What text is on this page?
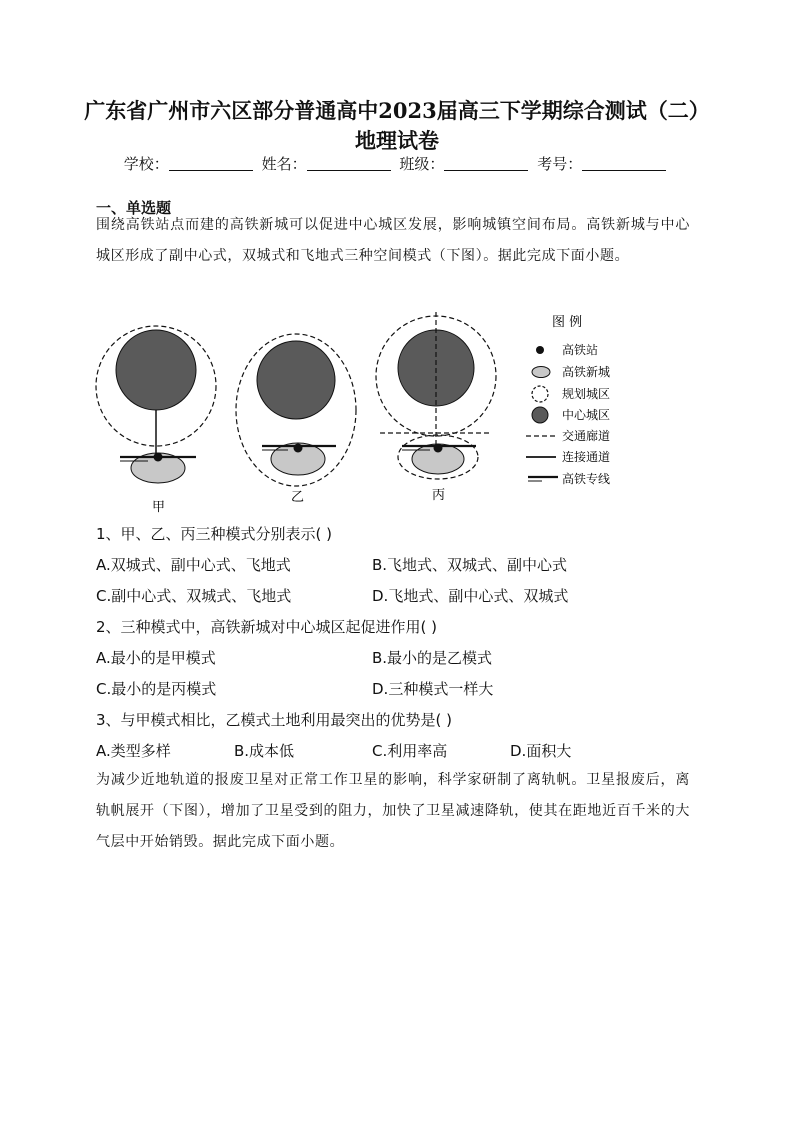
广东省广州市六区部分普通高中2023届高三下学期综合测试（二）
地理试卷
学校：	姓名：	班级：	考号：
一、单选题
围绕高铁站点而建的高铁新城可以促进中心城区发展，影响城镇空间布局。高铁新城与中心城区形成了副中心式，双城式和飞地式三种空间模式（下图）。据此完成下面小题。
甲
乙	丙
图 例
高铁站
高铁新城
规划城区
中心城区
交通廊道
连接通道
高铁专线
1、甲、乙、丙三种模式分别表示( )
A.双城式、副中心式、飞地式	B.飞地式、双城式、副中心式
C.副中心式、双城式、飞地式	D.飞地式、副中心式、双城式
2、三种模式中，高铁新城对中心城区起促进作用( )
A.最小的是甲模式	B.最小的是乙模式
C.最小的是丙模式	D.三种模式一样大
3、与甲模式相比，乙模式土地利用最突出的优势是( )
A.类型多样	B.成本低	C.利用率高	D.面积大
为减少近地轨道的报废卫星对正常工作卫星的影响，科学家研制了离轨帆。卫星报废后，离轨帆展开（下图），增加了卫星受到的阻力，加快了卫星减速降轨，使其在距地近百千米的大气层中开始销毁。据此完成下面小题。
